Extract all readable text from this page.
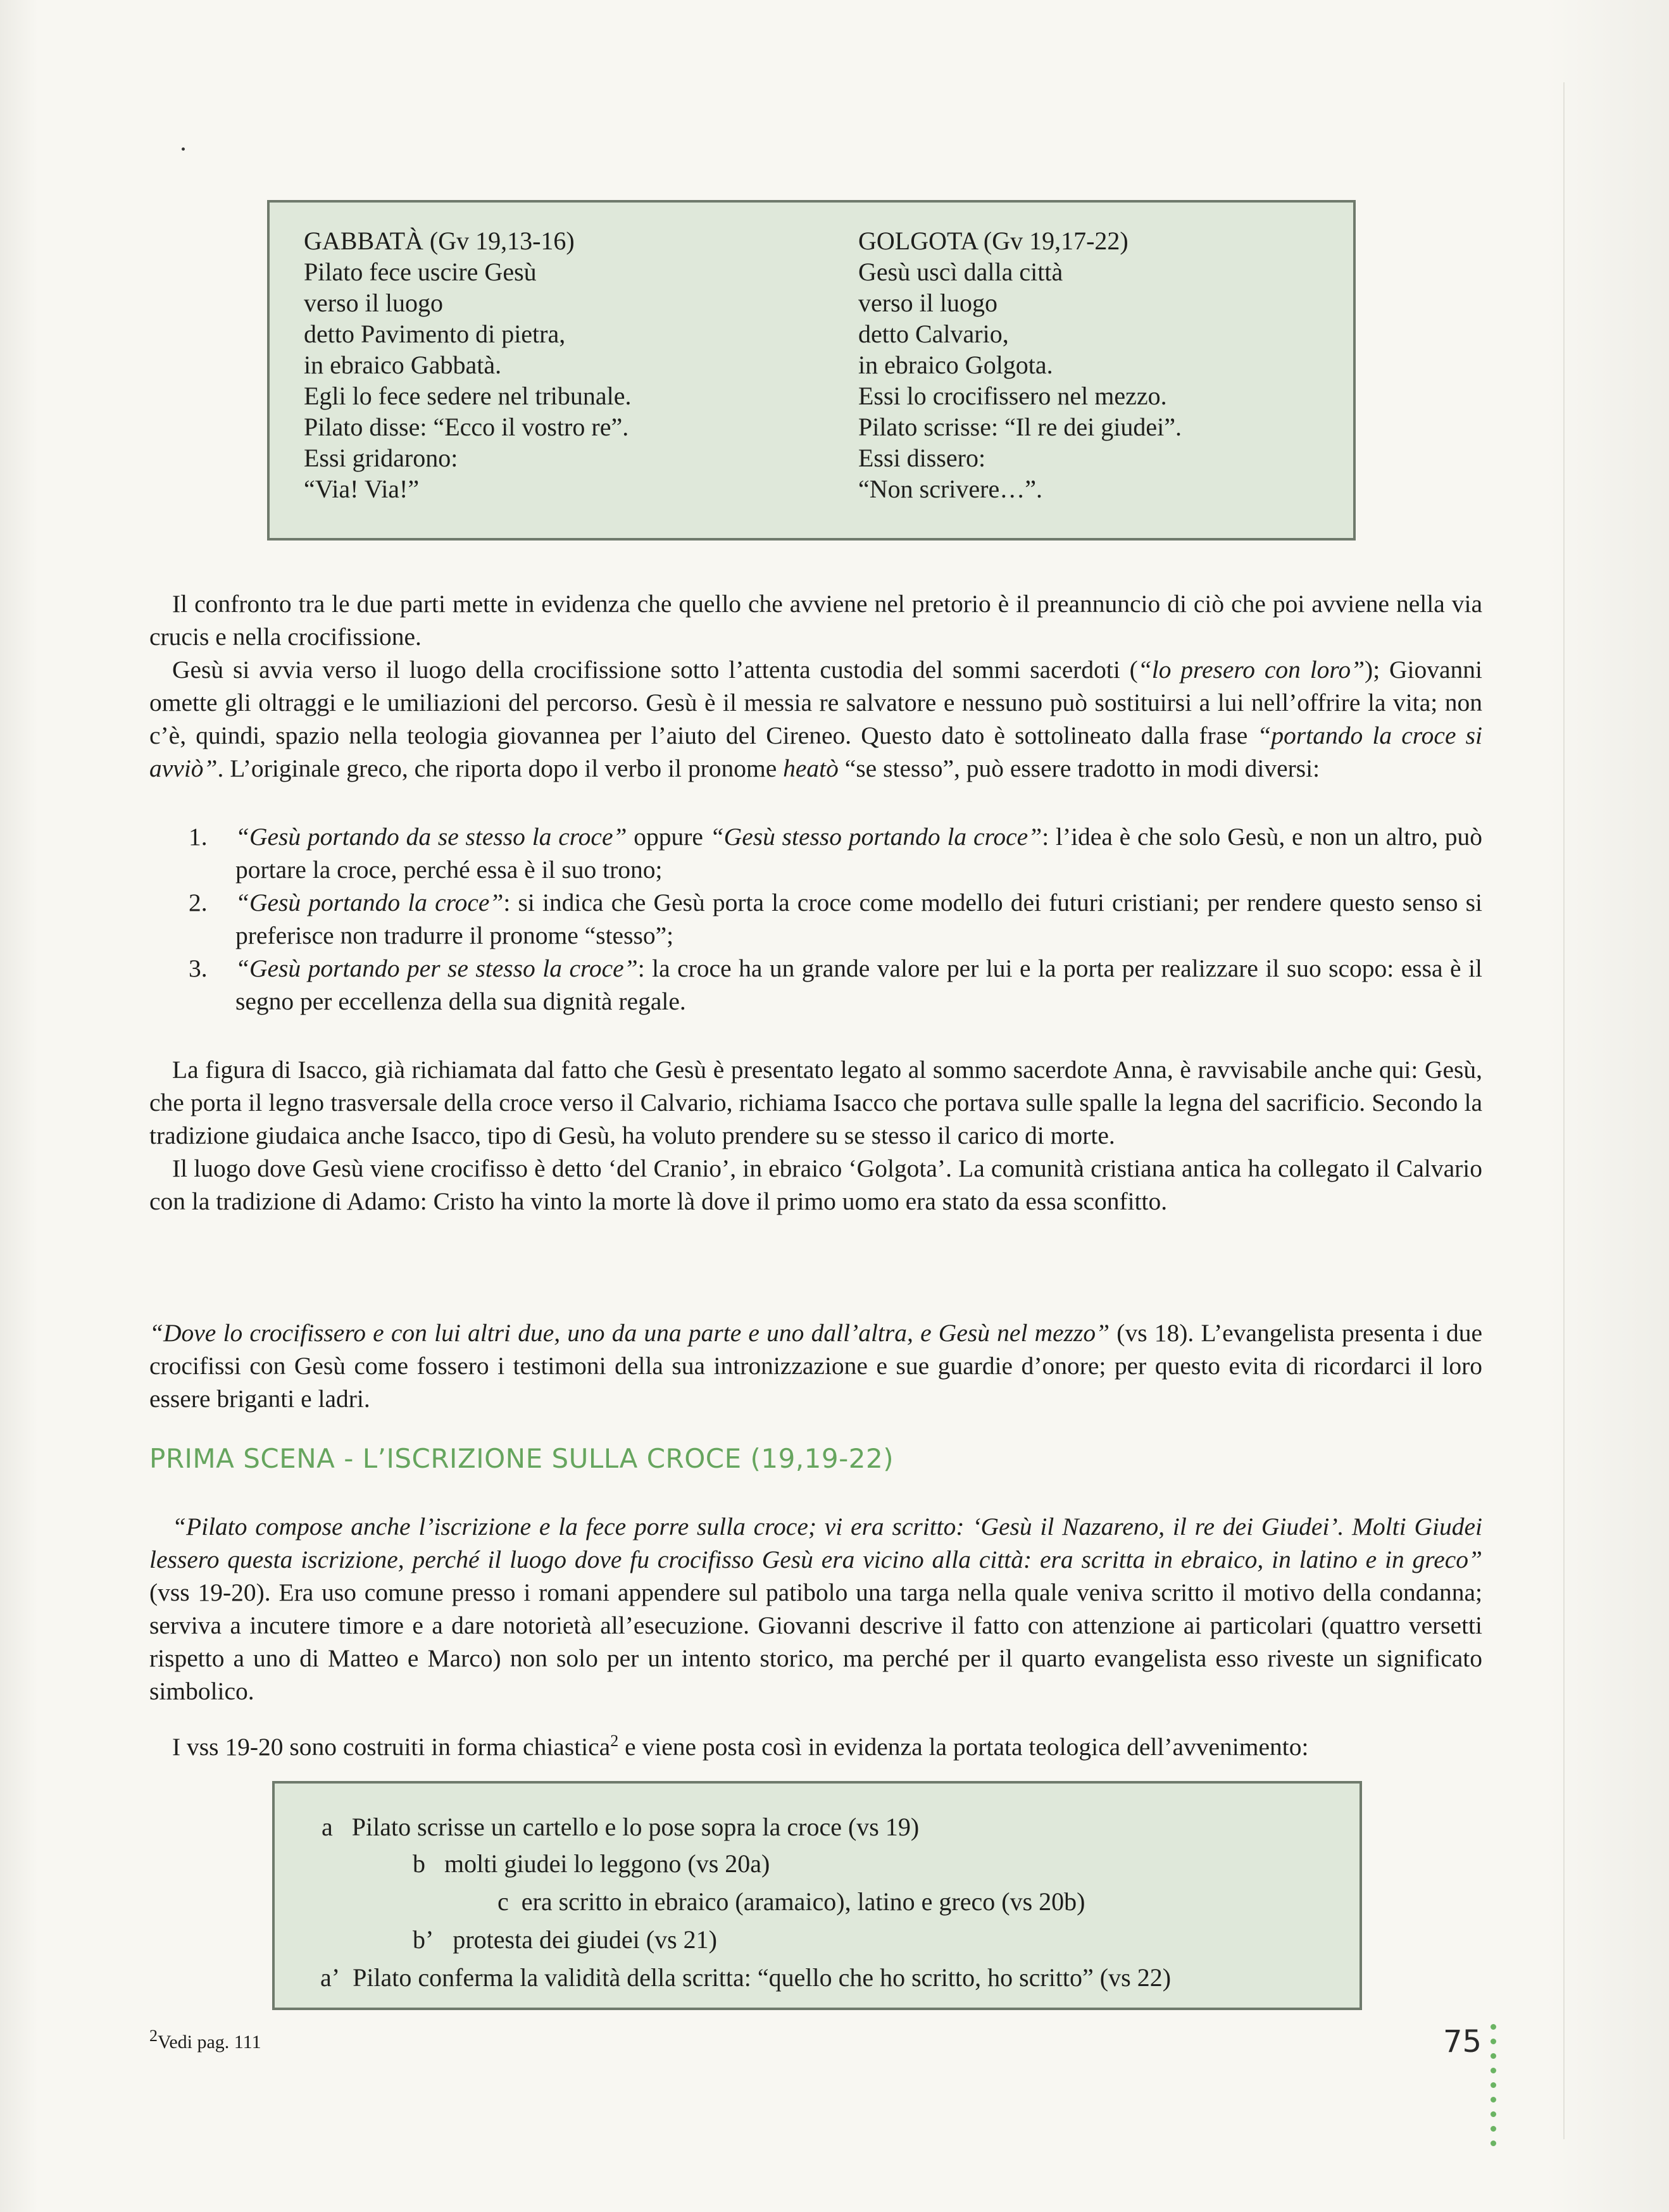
GABBATÀ (Gv 19,13-16)

Pilato fece uscire Gesù

verso il luogo

detto Pavimento di pietra,

in ebraico Gabbatà.

Egli lo fece sedere nel tribunale.

Pilato disse: “Ecco il vostro re”.

Essi gridarono:

“Via! Via!”

GOLGOTA (Gv 19,17-22)

Gesù uscì dalla città

verso il luogo

detto Calvario,

in ebraico Golgota.

Essi lo crocifissero nel mezzo.

Pilato scrisse: “Il re dei giudei”.

Essi dissero:

“Non scrivere…”.

Il confronto tra le due parti mette in evidenza che quello che avviene nel pretorio è il preannuncio di ciò che poi avviene nella via crucis e nella crocifissione.

Gesù si avvia verso il luogo della crocifissione sotto l’attenta custodia del sommi sacerdoti (“lo presero con loro”); Giovanni omette gli oltraggi e le umiliazioni del percorso. Gesù è il messia re salvatore e nessuno può sostituirsi a lui nell’offrire la vita; non c’è, quindi, spazio nella teologia giovannea per l’aiuto del Cireneo. Questo dato è sottolineato dalla frase “portando la croce si avviò”. L’originale greco, che riporta dopo il verbo il pronome heatò “se stesso”, può essere tradotto in modi diversi:

1. “Gesù portando da se stesso la croce” oppure “Gesù stesso portando la croce”: l’idea è che solo Gesù, e non un altro, può portare la croce, perché essa è il suo trono;
2. “Gesù portando la croce”: si indica che Gesù porta la croce come modello dei futuri cristiani; per rendere questo senso si preferisce non tradurre il pronome “stesso”;
3. “Gesù portando per se stesso la croce”: la croce ha un grande valore per lui e la porta per realizzare il suo scopo: essa è il segno per eccellenza della sua dignità regale.

La figura di Isacco, già richiamata dal fatto che Gesù è presentato legato al sommo sacerdote Anna, è ravvisabile anche qui: Gesù, che porta il legno trasversale della croce verso il Calvario, richiama Isacco che portava sulle spalle la legna del sacrificio. Secondo la tradizione giudaica anche Isacco, tipo di Gesù, ha voluto prendere su se stesso il carico di morte.

Il luogo dove Gesù viene crocifisso è detto ‘del Cranio’, in ebraico ‘Golgota’. La comunità cristiana antica ha collegato il Calvario con la tradizione di Adamo: Cristo ha vinto la morte là dove il primo uomo era stato da essa sconfitto.

“Dove lo crocifissero e con lui altri due, uno da una parte e uno dall’altra, e Gesù nel mezzo” (vs 18). L’evangelista presenta i due crocifissi con Gesù come fossero i testimoni della sua intronizzazione e sue guardie d’onore; per questo evita di ricordarci il loro essere briganti e ladri.

PRIMA SCENA - L’ISCRIZIONE SULLA CROCE (19,19-22)

“Pilato compose anche l’iscrizione e la fece porre sulla croce; vi era scritto: ‘Gesù il Nazareno, il re dei Giudei’. Molti Giudei lessero questa iscrizione, perché il luogo dove fu crocifisso Gesù era vicino alla città: era scritta in ebraico, in latino e in greco” (vss 19-20). Era uso comune presso i romani appendere sul patibolo una targa nella quale veniva scritto il motivo della condanna; serviva a incutere timore e a dare notorietà all’esecuzione. Giovanni descrive il fatto con attenzione ai particolari (quattro versetti rispetto a uno di Matteo e Marco) non solo per un intento storico, ma perché per il quarto evangelista esso riveste un significato simbolico.

I vss 19-20 sono costruiti in forma chiastica$^2$ e viene posta così in evidenza la portata teologica dell’avvenimento:

a Pilato scrisse un cartello e lo pose sopra la croce (vs 19)
b molti giudei lo leggono (vs 20a)
c era scritto in ebraico (aramaico), latino e greco (vs 20b)
b’ protesta dei giudei (vs 21)
a’ Pilato conferma la validità della scritta: “quello che ho scritto, ho scritto” (vs 22)
$^2$Vedi pag. 111	75
